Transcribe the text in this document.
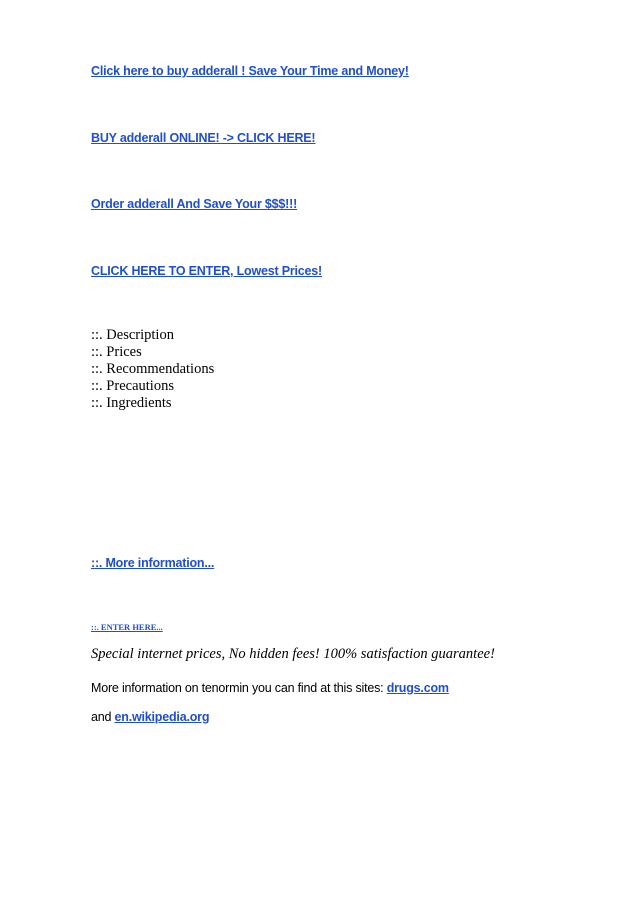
Click here to buy adderall ! Save Your Time and Money!
BUY adderall ONLINE! -> CLICK HERE!
Order adderall And Save Your $$$!!!
CLICK HERE TO ENTER, Lowest Prices!
::. Description
::. Prices
::. Recommendations
::. Precautions
::. Ingredients
::. More information...
::. ENTER HERE...
Special internet prices, No hidden fees! 100% satisfaction guarantee!
More information on tenormin you can find at this sites: drugs.com
and en.wikipedia.org
